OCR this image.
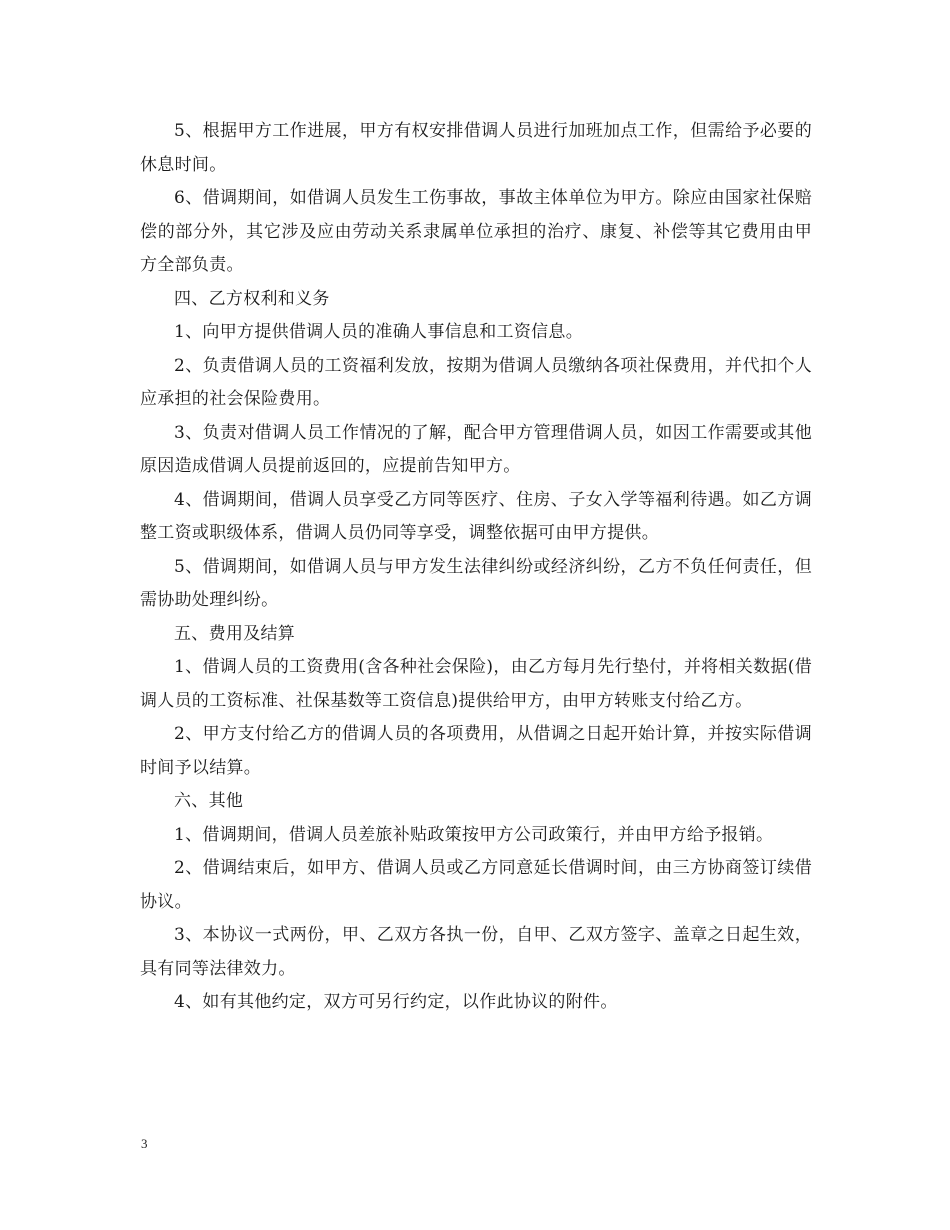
5、根据甲方工作进展，甲方有权安排借调人员进行加班加点工作，但需给予必要的休息时间。

6、借调期间，如借调人员发生工伤事故，事故主体单位为甲方。除应由国家社保赔偿的部分外，其它涉及应由劳动关系隶属单位承担的治疗、康复、补偿等其它费用由甲方全部负责。

四、乙方权利和义务

1、向甲方提供借调人员的准确人事信息和工资信息。

2、负责借调人员的工资福利发放，按期为借调人员缴纳各项社保费用，并代扣个人应承担的社会保险费用。

3、负责对借调人员工作情况的了解，配合甲方管理借调人员，如因工作需要或其他原因造成借调人员提前返回的，应提前告知甲方。

4、借调期间，借调人员享受乙方同等医疗、住房、子女入学等福利待遇。如乙方调整工资或职级体系，借调人员仍同等享受，调整依据可由甲方提供。

5、借调期间，如借调人员与甲方发生法律纠纷或经济纠纷，乙方不负任何责任，但需协助处理纠纷。

五、费用及结算

1、借调人员的工资费用(含各种社会保险)，由乙方每月先行垫付，并将相关数据(借调人员的工资标准、社保基数等工资信息)提供给甲方，由甲方转账支付给乙方。

2、甲方支付给乙方的借调人员的各项费用，从借调之日起开始计算，并按实际借调时间予以结算。

六、其他

1、借调期间，借调人员差旅补贴政策按甲方公司政策行，并由甲方给予报销。

2、借调结束后，如甲方、借调人员或乙方同意延长借调时间，由三方协商签订续借协议。

3、本协议一式两份，甲、乙双方各执一份，自甲、乙双方签字、盖章之日起生效，具有同等法律效力。

4、如有其他约定，双方可另行约定，以作此协议的附件。

3
